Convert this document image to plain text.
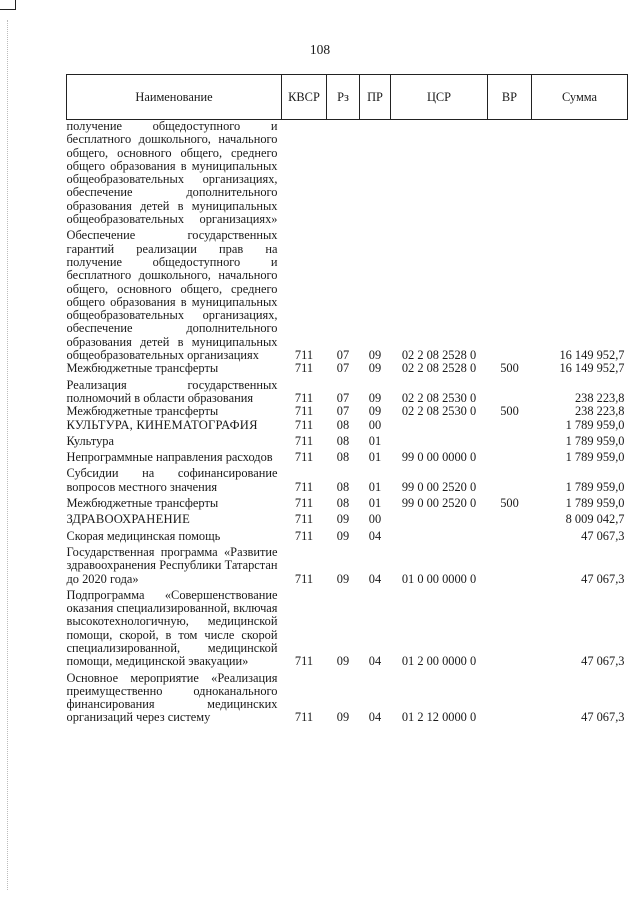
108
Наименование	КВСР	Рз	ПР	ЦСР	ВР	Сумма
получение общедоступного и бесплатного дошкольного, начального общего, основного общего, среднего общего образования в муниципальных общеобразовательных организациях, обеспечение дополнительного образования детей в муниципальных общеобразовательных организациях»						
Обеспечение государственных гарантий реализации прав на получение общедоступного и бесплатного дошкольного, начального общего, основного общего, среднего общего образования в муниципальных общеобразовательных организациях, обеспечение дополнительного образования детей в муниципальных общеобразовательных организациях	711	07	09	02 2 08 2528 0		16 149 952,7
Межбюджетные трансферты	711	07	09	02 2 08 2528 0	500	16 149 952,7
Реализация государственных полномочий в области образования	711	07	09	02 2 08 2530 0		238 223,8
Межбюджетные трансферты	711	07	09	02 2 08 2530 0	500	238 223,8
КУЛЬТУРА, КИНЕМАТОГРАФИЯ	711	08	00			1 789 959,0
Культура	711	08	01			1 789 959,0
Непрограммные направления расходов	711	08	01	99 0 00 0000 0		1 789 959,0
Субсидии на софинансирование вопросов местного значения	711	08	01	99 0 00 2520 0		1 789 959,0
Межбюджетные трансферты	711	08	01	99 0 00 2520 0	500	1 789 959,0
ЗДРАВООХРАНЕНИЕ	711	09	00			8 009 042,7
Скорая медицинская помощь	711	09	04			47 067,3
Государственная программа «Развитие здравоохранения Республики Татарстан до 2020 года»	711	09	04	01 0 00 0000 0		47 067,3
Подпрограмма «Совершенствование оказания специализированной, включая высокотехнологичную, медицинской помощи, скорой, в том числе скорой специализированной, медицинской помощи, медицинской эвакуации»	711	09	04	01 2 00 0000 0		47 067,3
Основное мероприятие «Реализация преимущественно одноканального финансирования медицинских организаций через систему	711	09	04	01 2 12 0000 0		47 067,3
